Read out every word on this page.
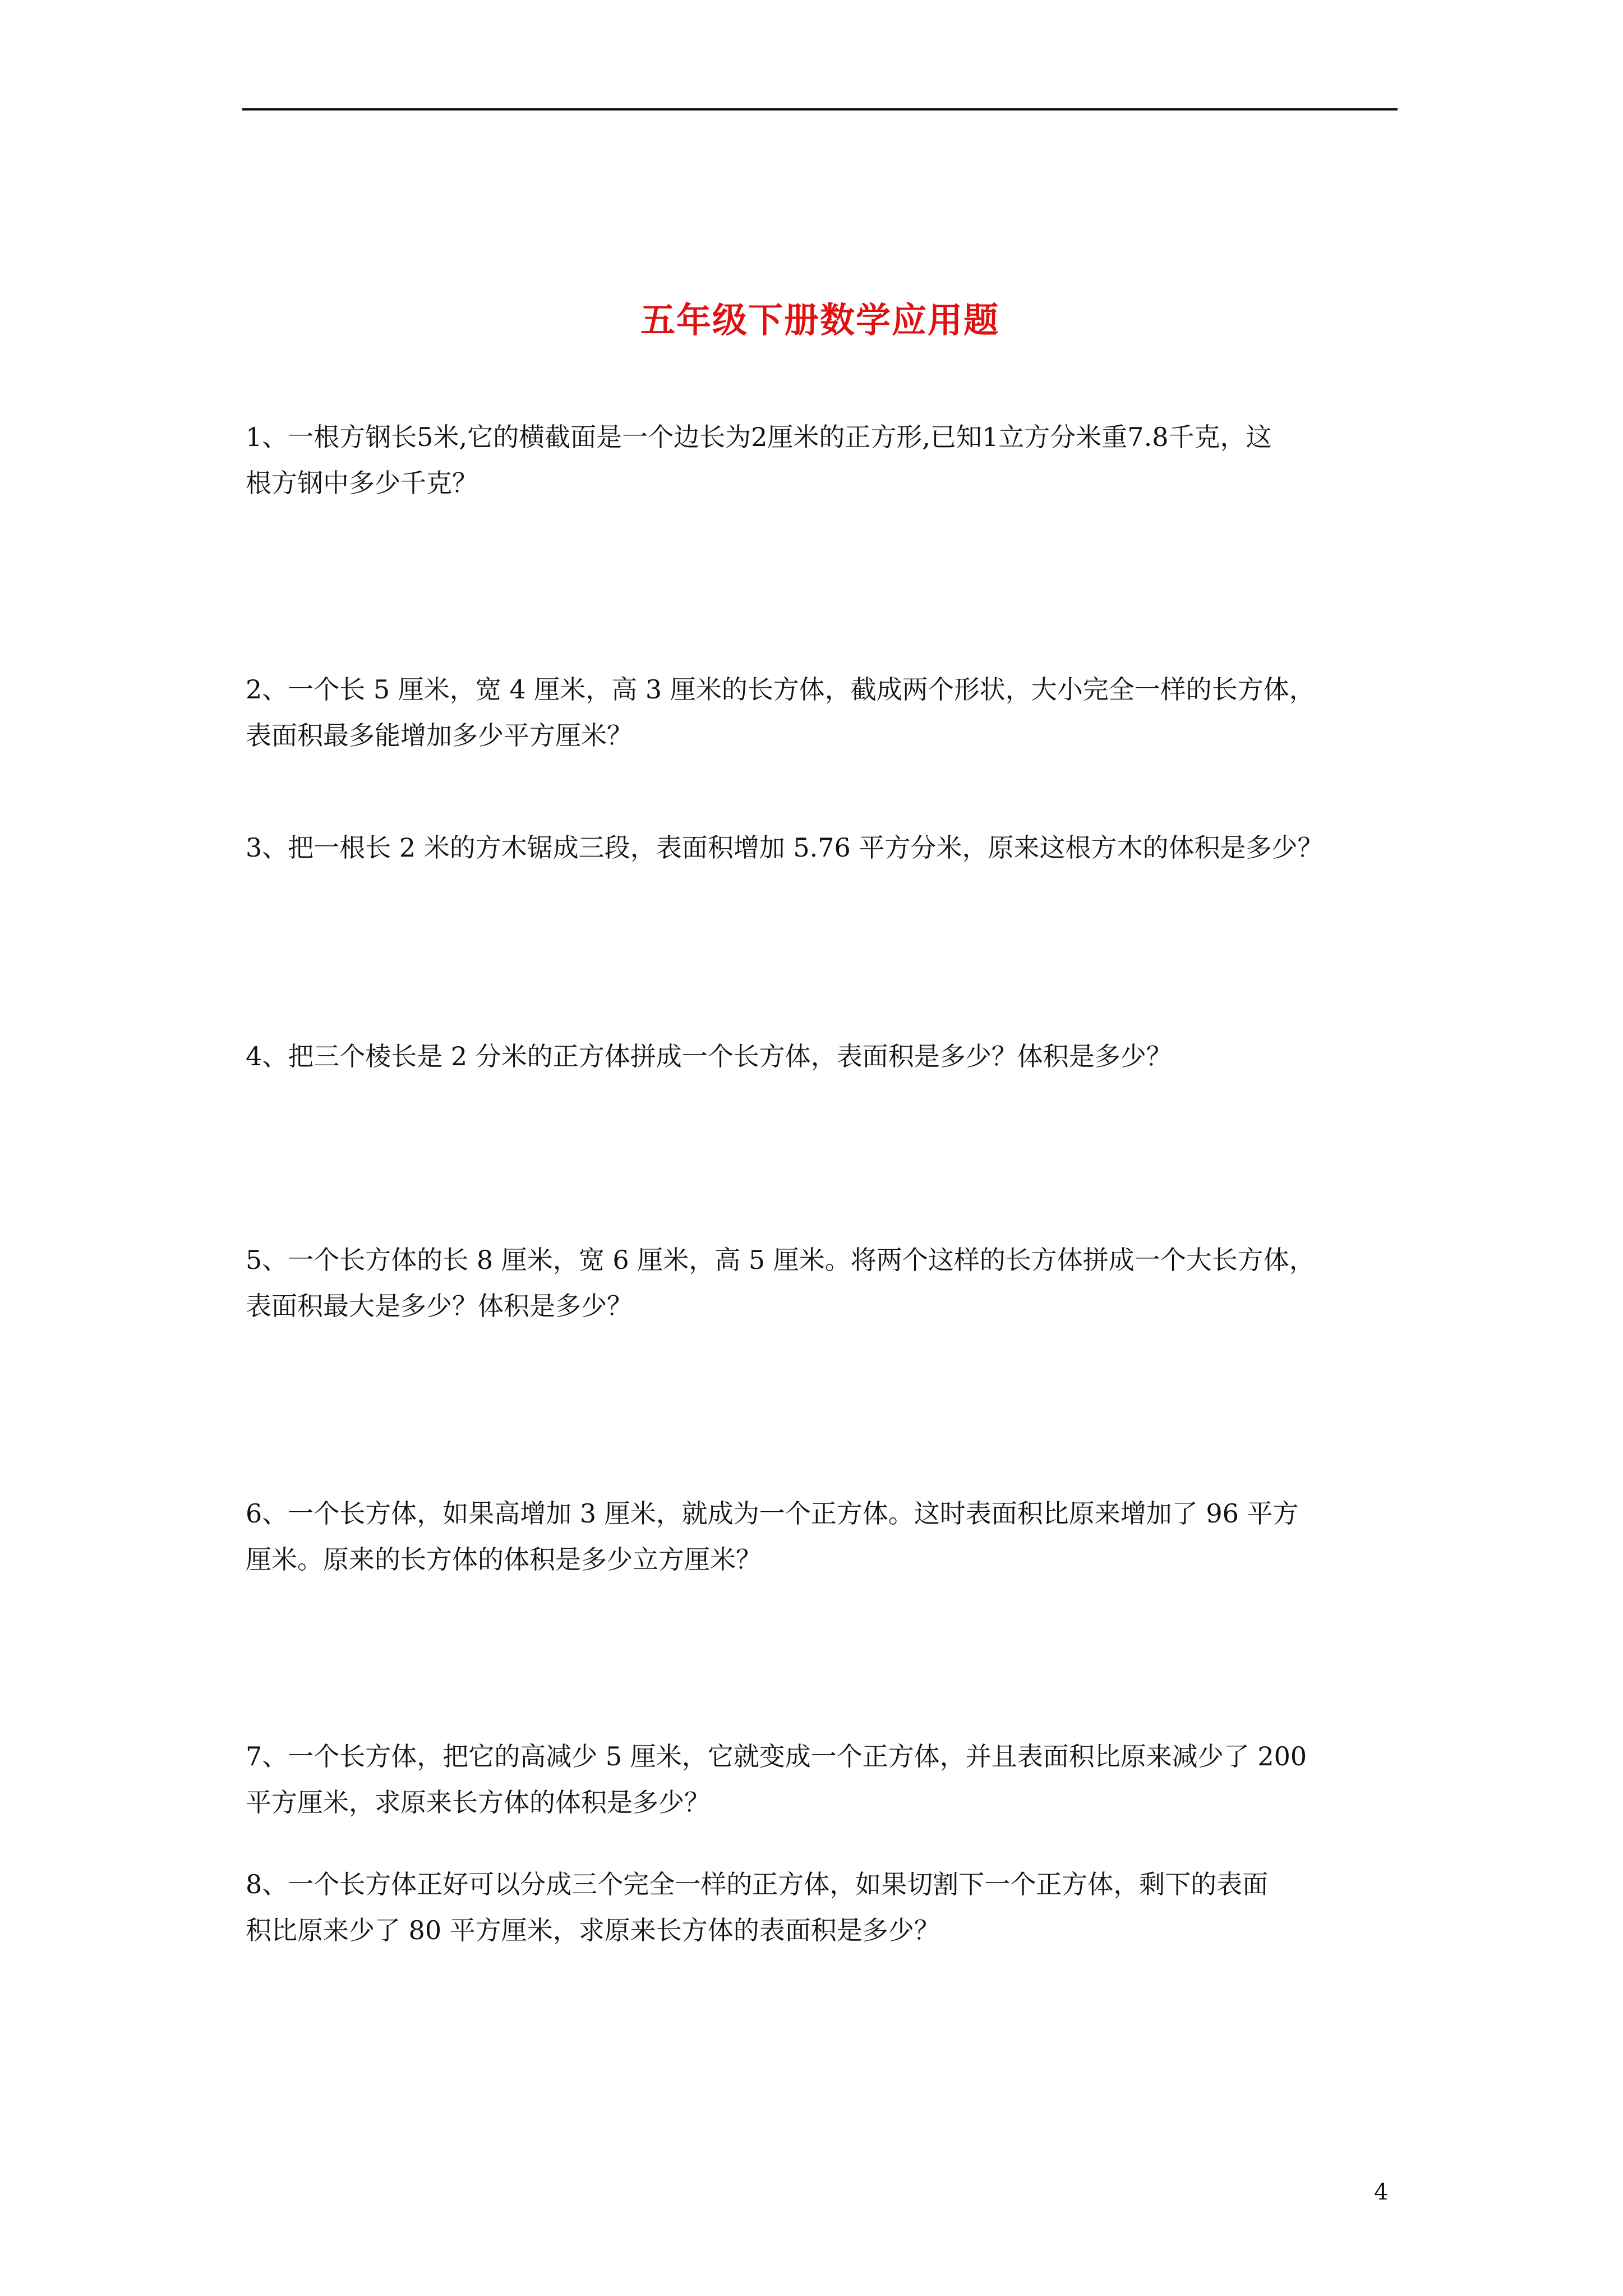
五年级下册数学应用题
1、一根方钢长5米,它的横截面是一个边长为2厘米的正方形,已知1立方分米重7.8千克，这
根方钢中多少千克？
2、一个长 5 厘米，宽 4 厘米，高 3 厘米的长方体，截成两个形状，大小完全一样的长方体，
表面积最多能增加多少平方厘米？
3、把一根长 2 米的方木锯成三段，表面积增加 5.76 平方分米，原来这根方木的体积是多少？
4、把三个棱长是 2 分米的正方体拼成一个长方体，表面积是多少？体积是多少？
5、一个长方体的长 8 厘米，宽 6 厘米，高 5 厘米。将两个这样的长方体拼成一个大长方体，
表面积最大是多少？体积是多少？
6、一个长方体，如果高增加 3 厘米，就成为一个正方体。这时表面积比原来增加了 96 平方
厘米。原来的长方体的体积是多少立方厘米？
7、一个长方体，把它的高减少 5 厘米，它就变成一个正方体，并且表面积比原来减少了 200
平方厘米，求原来长方体的体积是多少？
8、一个长方体正好可以分成三个完全一样的正方体，如果切割下一个正方体，剩下的表面
积比原来少了 80 平方厘米，求原来长方体的表面积是多少？
4
